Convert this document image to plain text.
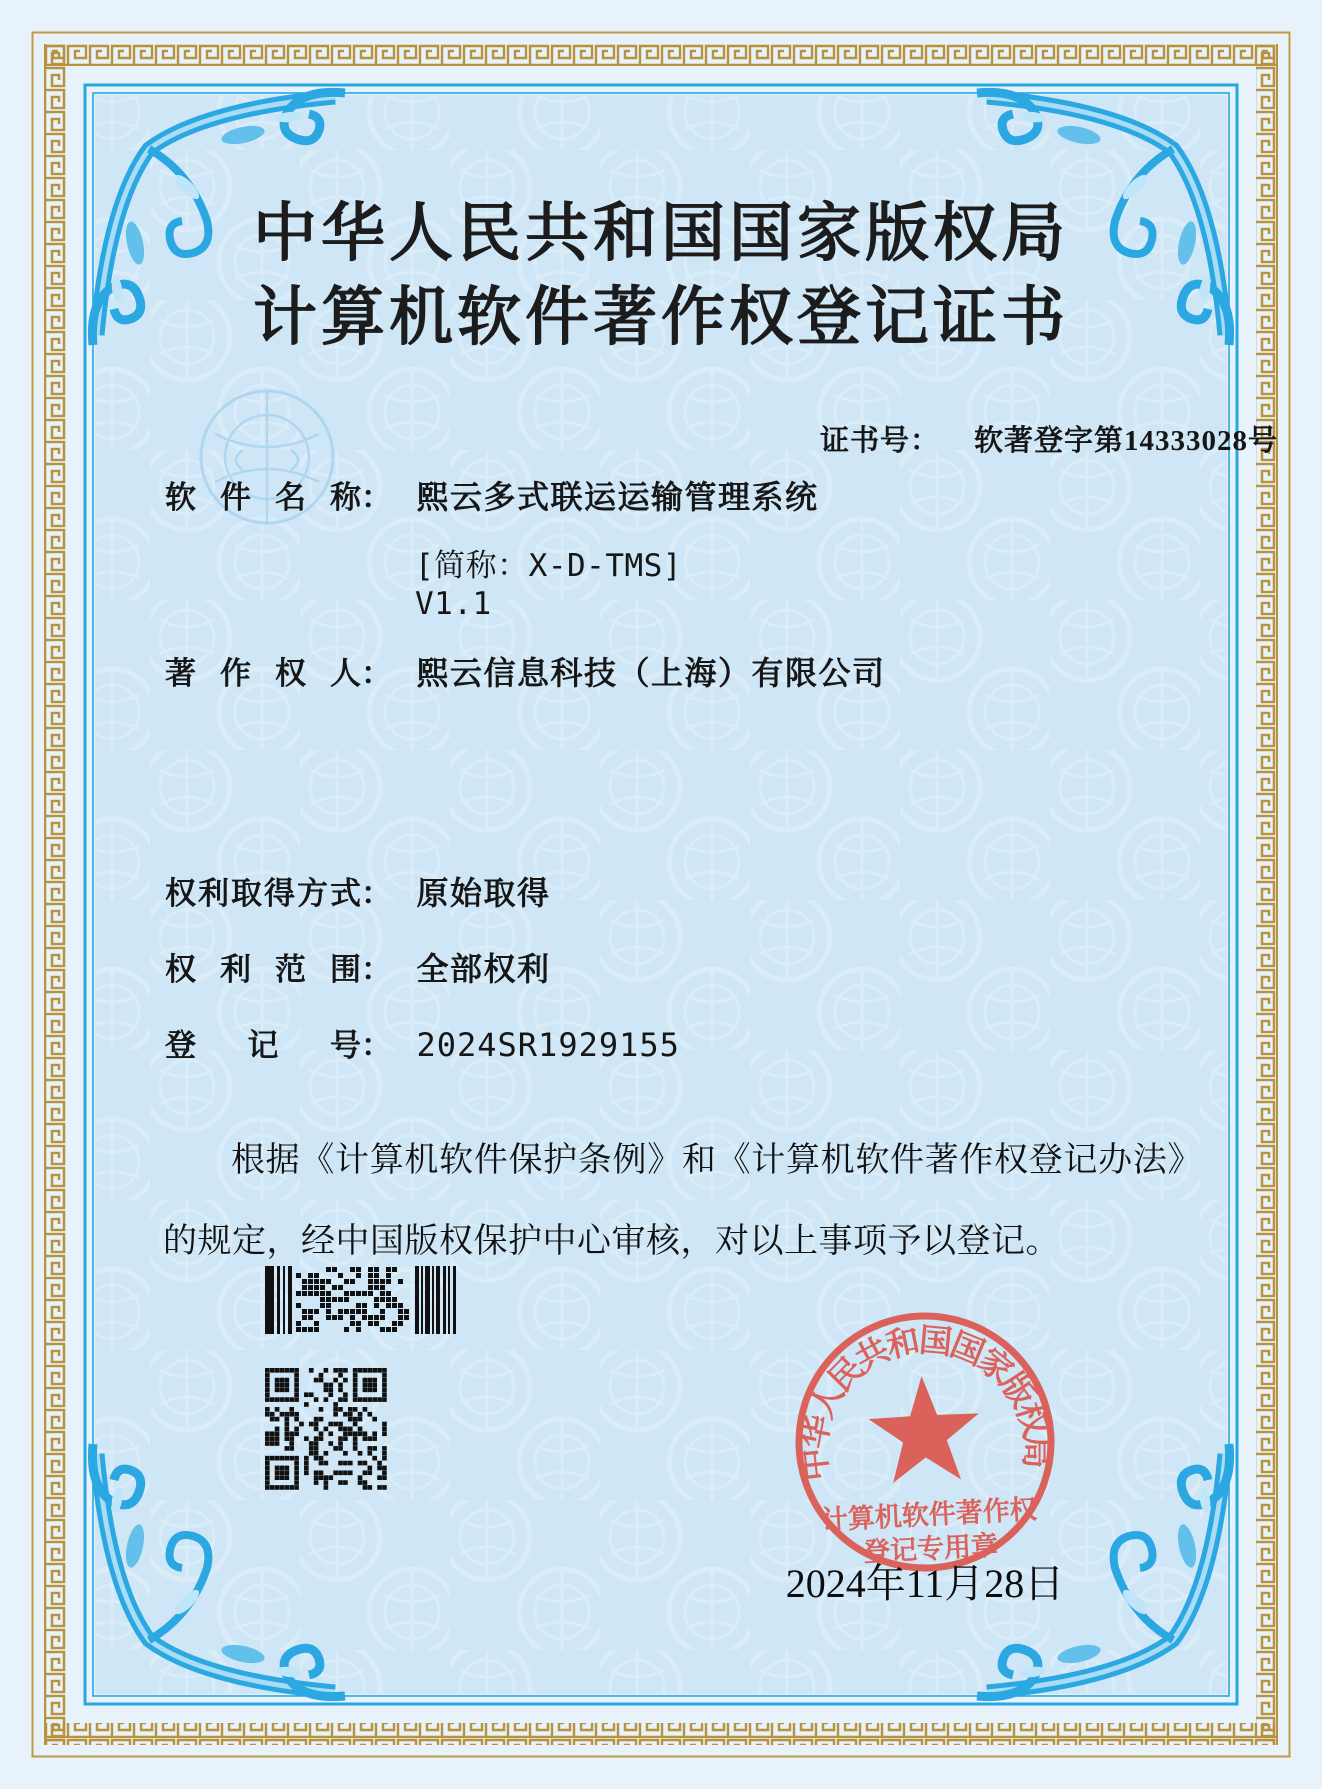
中华人民共和国国家版权局
计算机软件著作权登记证书
证书号： 软著登字第14333028号
软件名称： 熙云多式联运运输管理系统
[简称：X-D-TMS]
V1.1
著作权人： 熙云信息科技（上海）有限公司
权利取得方式： 原始取得
权利范围： 全部权利
登记号： 2024SR1929155

根据《计算机软件保护条例》和《计算机软件著作权登记办法》的规定，经中国版权保护中心审核，对以上事项予以登记。

中华人民共和国国家版权局
计算机软件著作权
登记专用章
2024年11月28日
